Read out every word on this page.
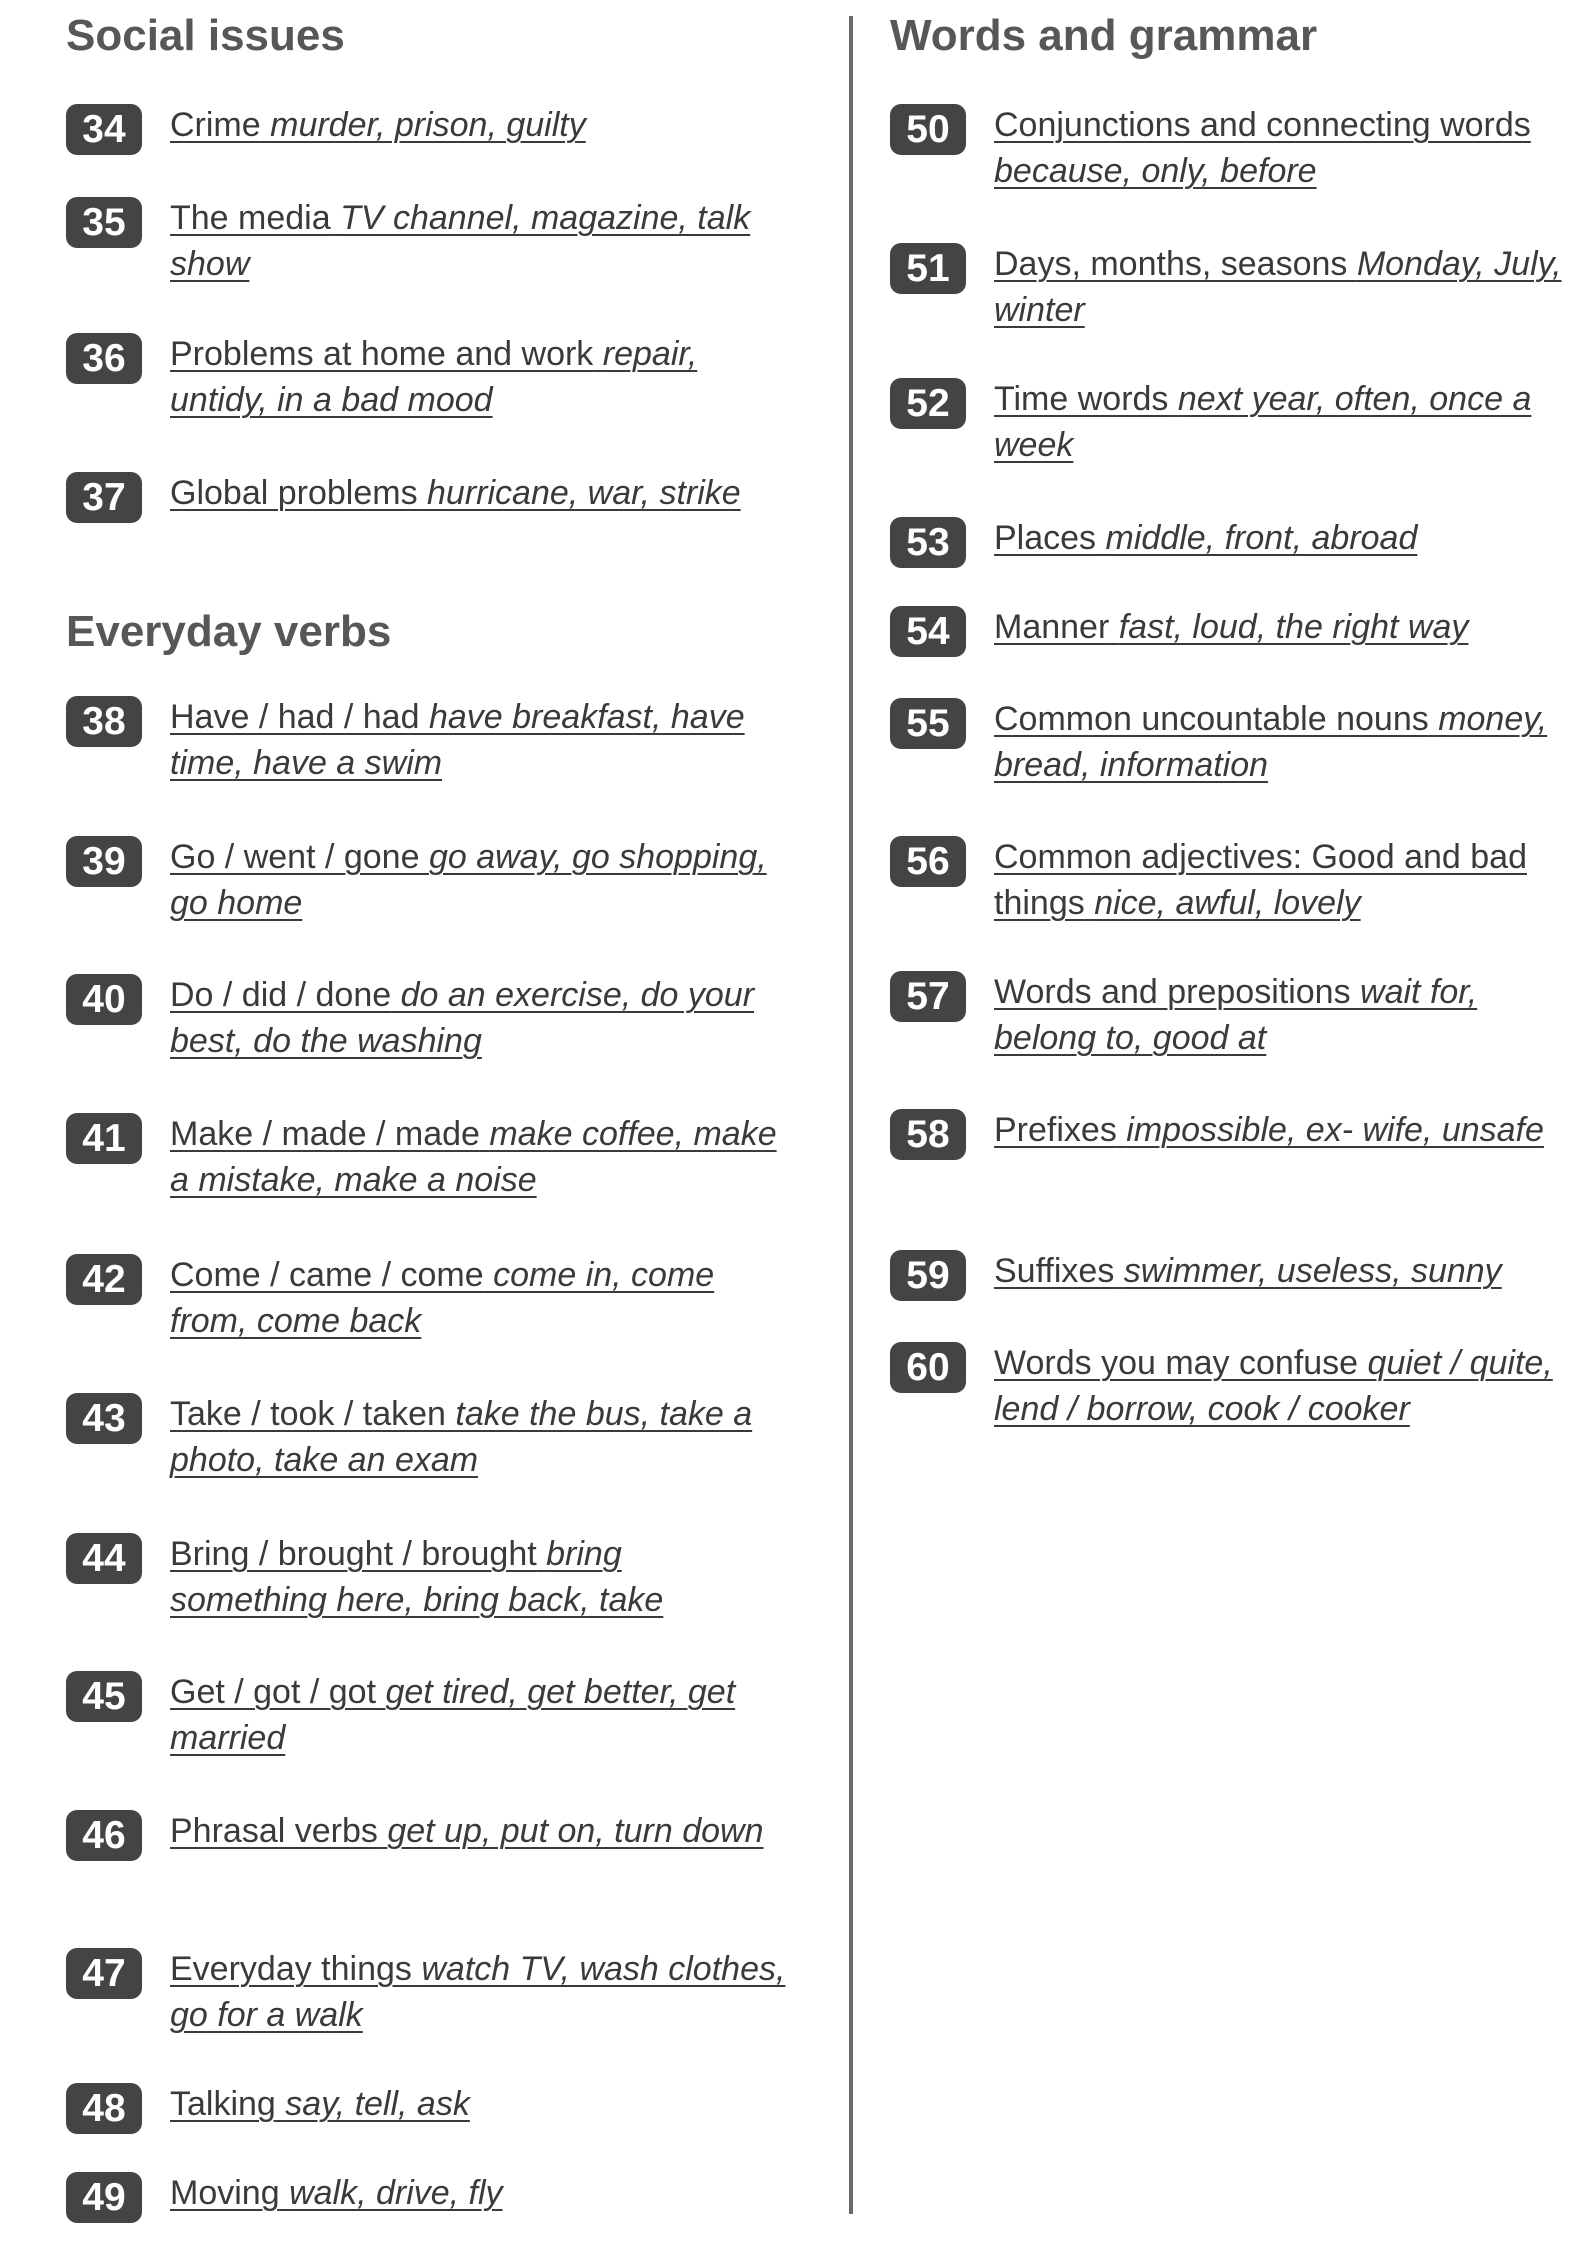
Social issues
Everyday verbs
34	Crime murder, prison, guilty
35	The media TV channel, magazine, talk show
36	Problems at home and work repair, untidy, in a bad mood
37	Global problems hurricane, war, strike
38	Have / had / had have breakfast, have time, have a swim
39	Go / went / gone go away, go shopping, go home
40	Do / did / done do an exercise, do your best, do the washing
41	Make / made / made make coffee, make a mistake, make a noise
42	Come / came / come come in, come from, come back
43	Take / took / taken take the bus, take a photo, take an exam
44	Bring / brought / brought bring something here, bring back, take
45	Get / got / got get tired, get better, get married
46	Phrasal verbs get up, put on, turn down
47	Everyday things watch TV, wash clothes, go for a walk
48	Talking say, tell, ask
49	Moving walk, drive, fly
Words and grammar
50	Conjunctions and connecting words because, only, before
51	Days, months, seasons Monday, July, winter
52	Time words next year, often, once a week
53	Places middle, front, abroad
54	Manner fast, loud, the right way
55	Common uncountable nouns money, bread, information
56	Common adjectives: Good and bad things nice, awful, lovely
57	Words and prepositions wait for, belong to, good at
58	Prefixes impossible, ex- wife, unsafe
59	Suffixes swimmer, useless, sunny
60	Words you may confuse quiet / quite, lend / borrow, cook / cooker
